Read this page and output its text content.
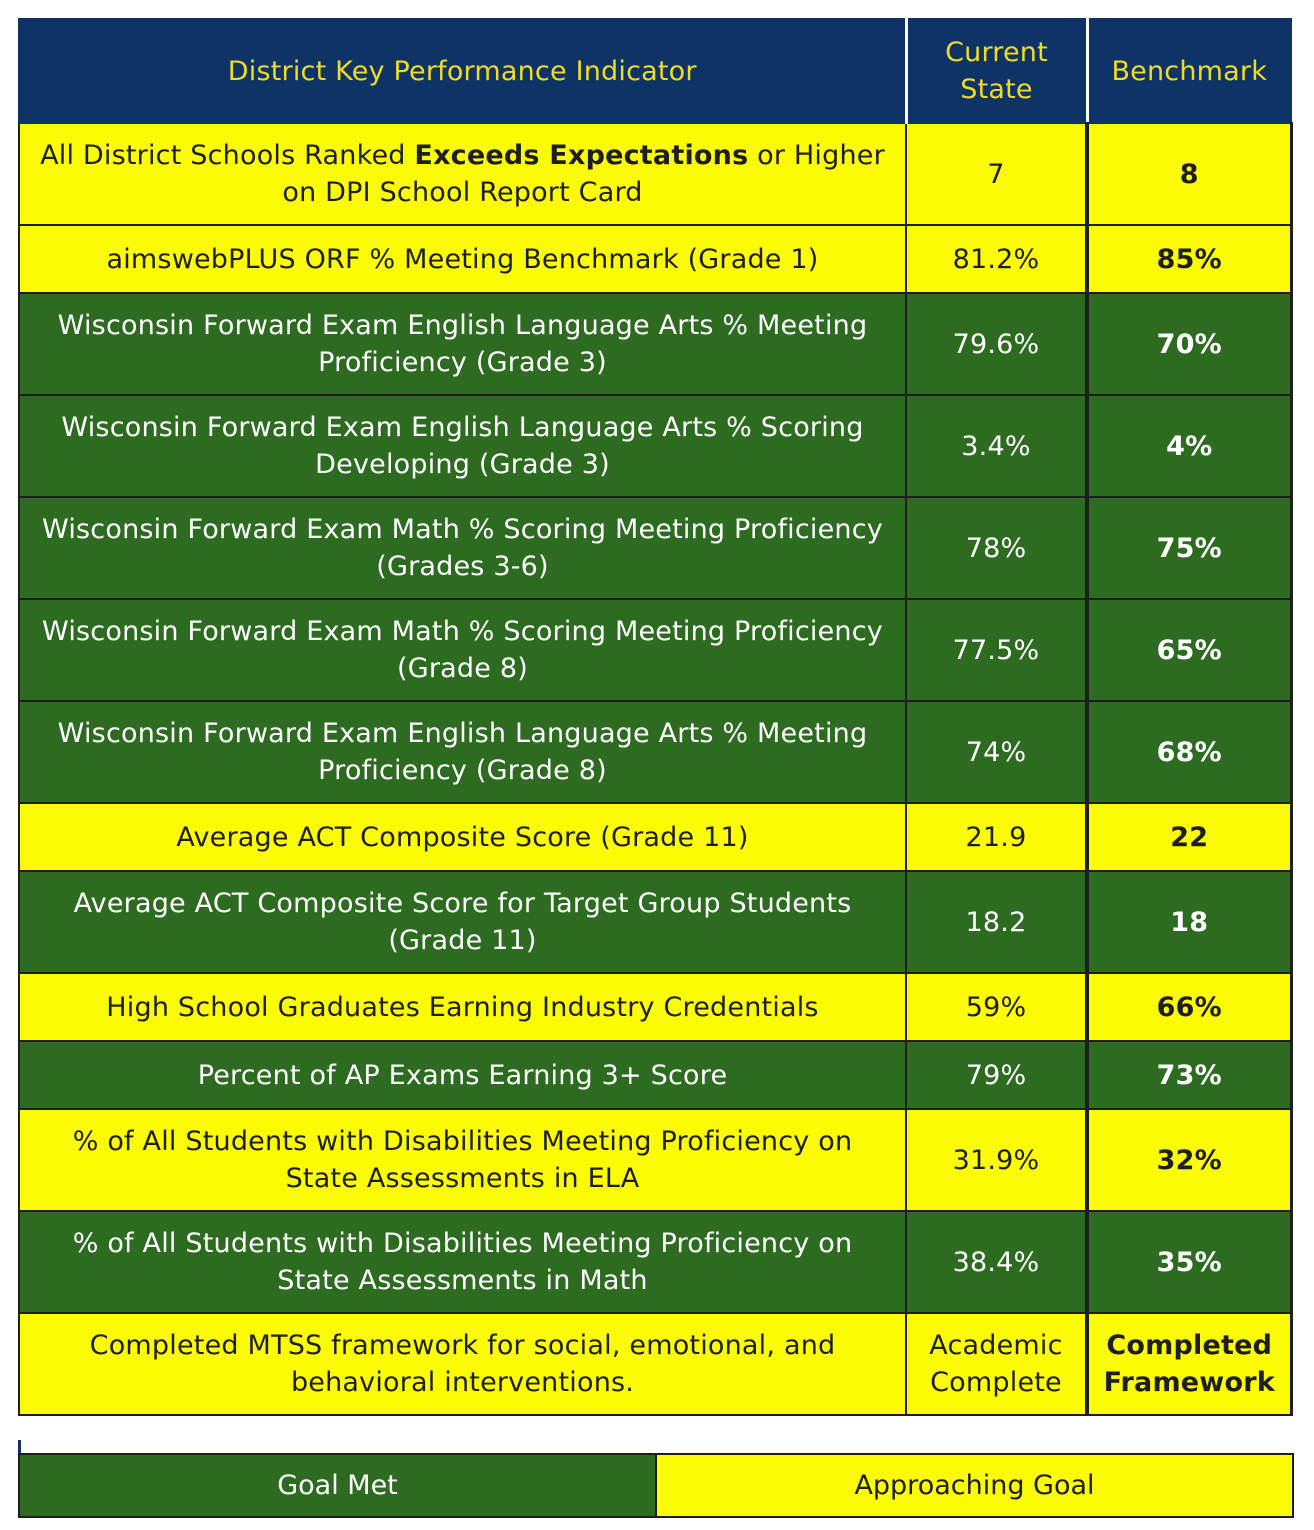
District Key Performance Indicator	Current State	Benchmark
All District Schools Ranked Exceeds Expectations or Higher on DPI School Report Card	7	8
aimswebPLUS ORF % Meeting Benchmark (Grade 1)	81.2%	85%
Wisconsin Forward Exam English Language Arts % Meeting Proficiency (Grade 3)	79.6%	70%
Wisconsin Forward Exam English Language Arts % Scoring Developing (Grade 3)	3.4%	4%
Wisconsin Forward Exam Math % Scoring Meeting Proficiency (Grades 3-6)	78%	75%
Wisconsin Forward Exam Math % Scoring Meeting Proficiency (Grade 8)	77.5%	65%
Wisconsin Forward Exam English Language Arts % Meeting Proficiency (Grade 8)	74%	68%
Average ACT Composite Score (Grade 11)	21.9	22
Average ACT Composite Score for Target Group Students (Grade 11)	18.2	18
High School Graduates Earning Industry Credentials	59%	66%
Percent of AP Exams Earning 3+ Score	79%	73%
% of All Students with Disabilities Meeting Proficiency on State Assessments in ELA	31.9%	32%
% of All Students with Disabilities Meeting Proficiency on State Assessments in Math	38.4%	35%
Completed MTSS framework for social, emotional, and behavioral interventions.	Academic Complete	Completed Framework
Goal Met	Approaching Goal
